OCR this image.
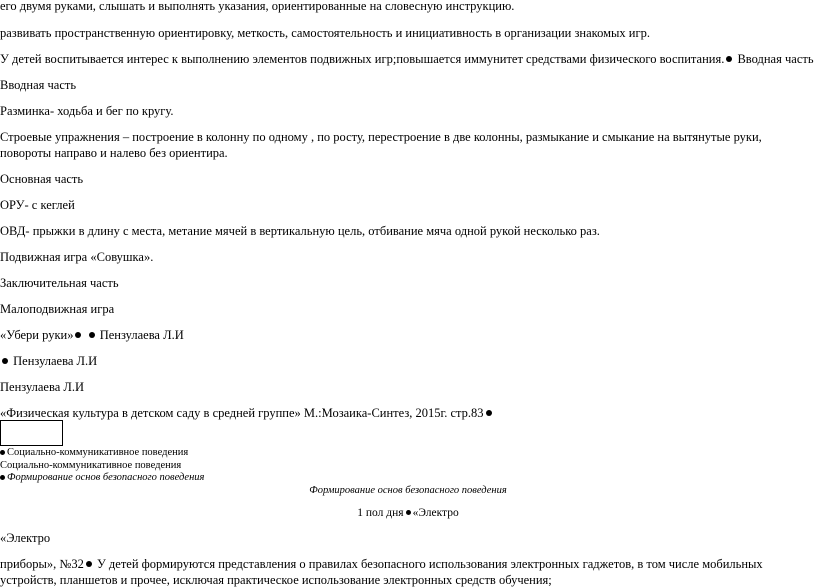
его двумя руками, слышать и выполнять указания, ориентированные на словесную инструкцию.
развивать пространственную ориентировку, меткость, самостоятельность и инициативность в организации знакомых игр.
У детей воспитывается интерес к выполнению элементов подвижных игр;повышается иммунитет средствами физического воспитания. Вводная часть
Вводная часть
Разминка- ходьба и бег по кругу.
Строевые упражнения – построение в колонну по одному , по росту, перестроение в две колонны, размыкание и смыкание на вытянутые руки, повороты направо и налево без ориентира.
Основная часть
ОРУ- с кеглей
ОВД- прыжки в длину с места, метание мячей в вертикальную цель, отбивание мяча одной рукой несколько раз.
Подвижная игра «Совушка».
Заключительная часть
Малоподвижная игра
«Убери руки» Пензулаева Л.И
Пензулаева Л.И
Пензулаева Л.И
«Физическая культура в детском саду в средней группе» М.:Мозаика-Синтез, 2015г. стр.83
Социально-коммуникативное поведения
Социально-коммуникативное поведения
Формирование основ безопасного поведения
Формирование основ безопасного поведения
1 пол дня «Электро
«Электро
приборы», №32 У детей формируются представления о правилах безопасного использования электронных гаджетов, в том числе мобильных устройств, планшетов и прочее, исключая практическое использование электронных средств обучения;
